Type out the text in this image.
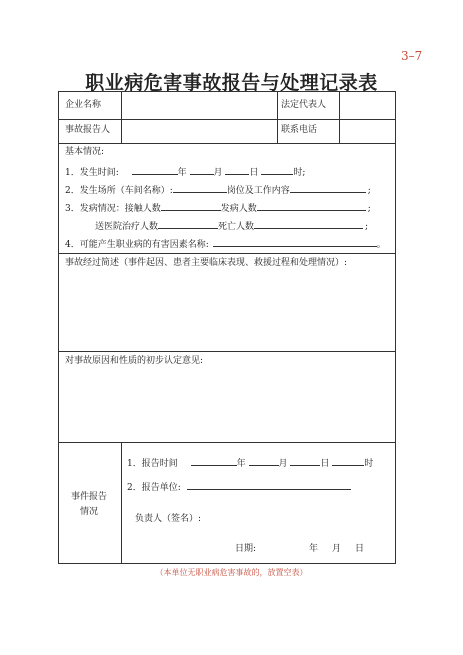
3–7
职业病危害事故报告与处理记录表
企业名称	法定代表人
事故报告人	联系电话
基本情况:
1．发生时间:	年	月	日	时;
2．发生场所（车间名称）:	岗位及工作内容	;
3．发病情况：接触人数	发病人数	;
送医院治疗人数	死亡人数	;
4．可能产生职业病的有害因素名称:	。
事故经过简述（事件起因、患者主要临床表现、救援过程和处理情况）:
对事故原因和性质的初步认定意见:
事件报告
情况
1．报告时间	年	月	日	时
2．报告单位:
负责人（签名）:
日期:	年 月 日
（本单位无职业病危害事故的，放置空表）
